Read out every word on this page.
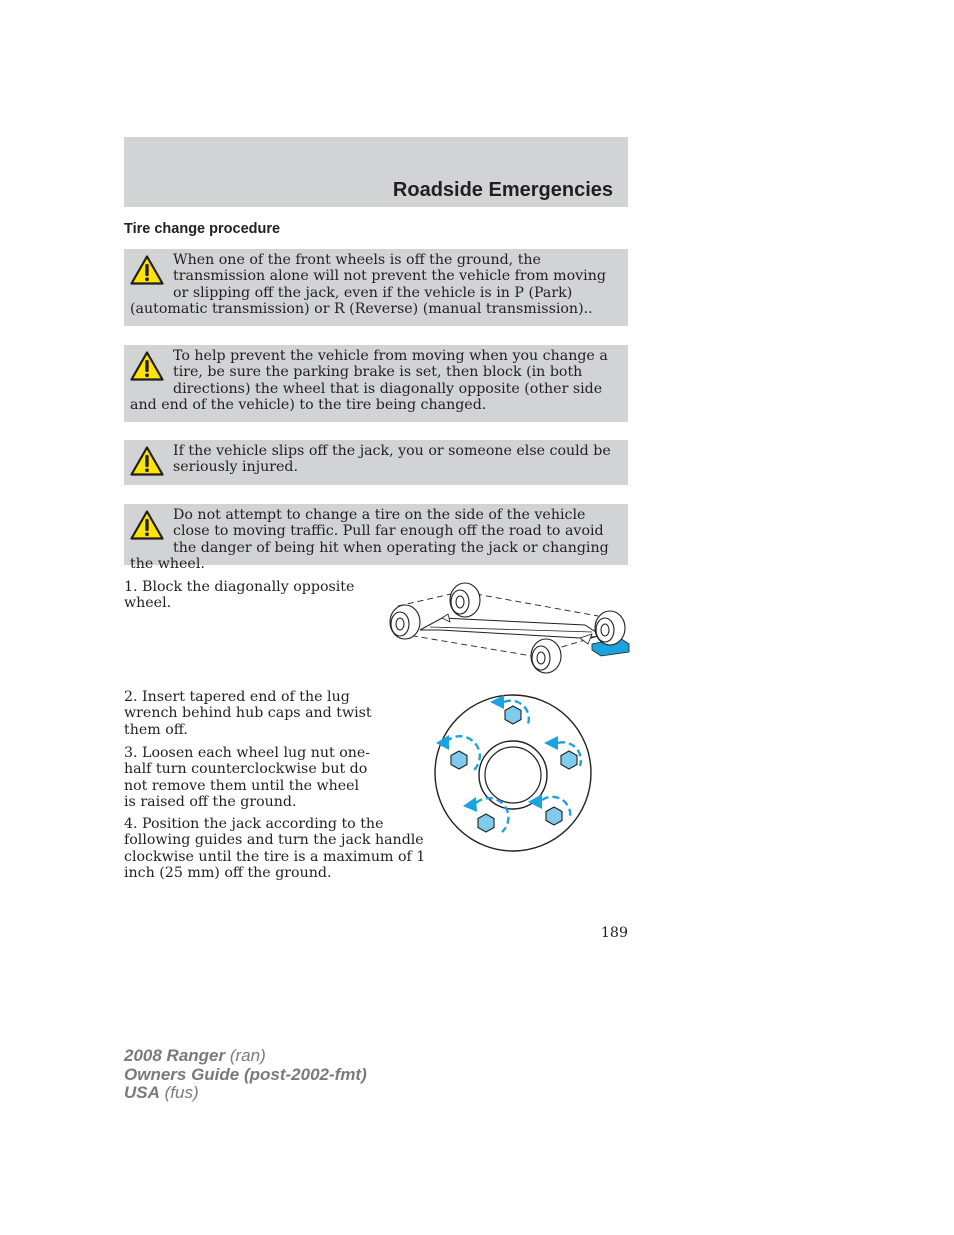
Roadside Emergencies
Tire change procedure
When one of the front wheels is off the ground, the transmission alone will not prevent the vehicle from moving or slipping off the jack, even if the vehicle is in P (Park) (automatic transmission) or R (Reverse) (manual transmission)..
To help prevent the vehicle from moving when you change a tire, be sure the parking brake is set, then block (in both directions) the wheel that is diagonally opposite (other side and end of the vehicle) to the tire being changed.
If the vehicle slips off the jack, you or someone else could be seriously injured.
Do not attempt to change a tire on the side of the vehicle close to moving traffic. Pull far enough off the road to avoid the danger of being hit when operating the jack or changing the wheel.
1. Block the diagonally opposite wheel.
2. Insert tapered end of the lug wrench behind hub caps and twist them off.
3. Loosen each wheel lug nut one-half turn counterclockwise but do not remove them until the wheel is raised off the ground.
4. Position the jack according to the following guides and turn the jack handle clockwise until the tire is a maximum of 1 inch (25 mm) off the ground.
189
2008 Ranger (ran)
Owners Guide (post-2002-fmt)
USA (fus)
